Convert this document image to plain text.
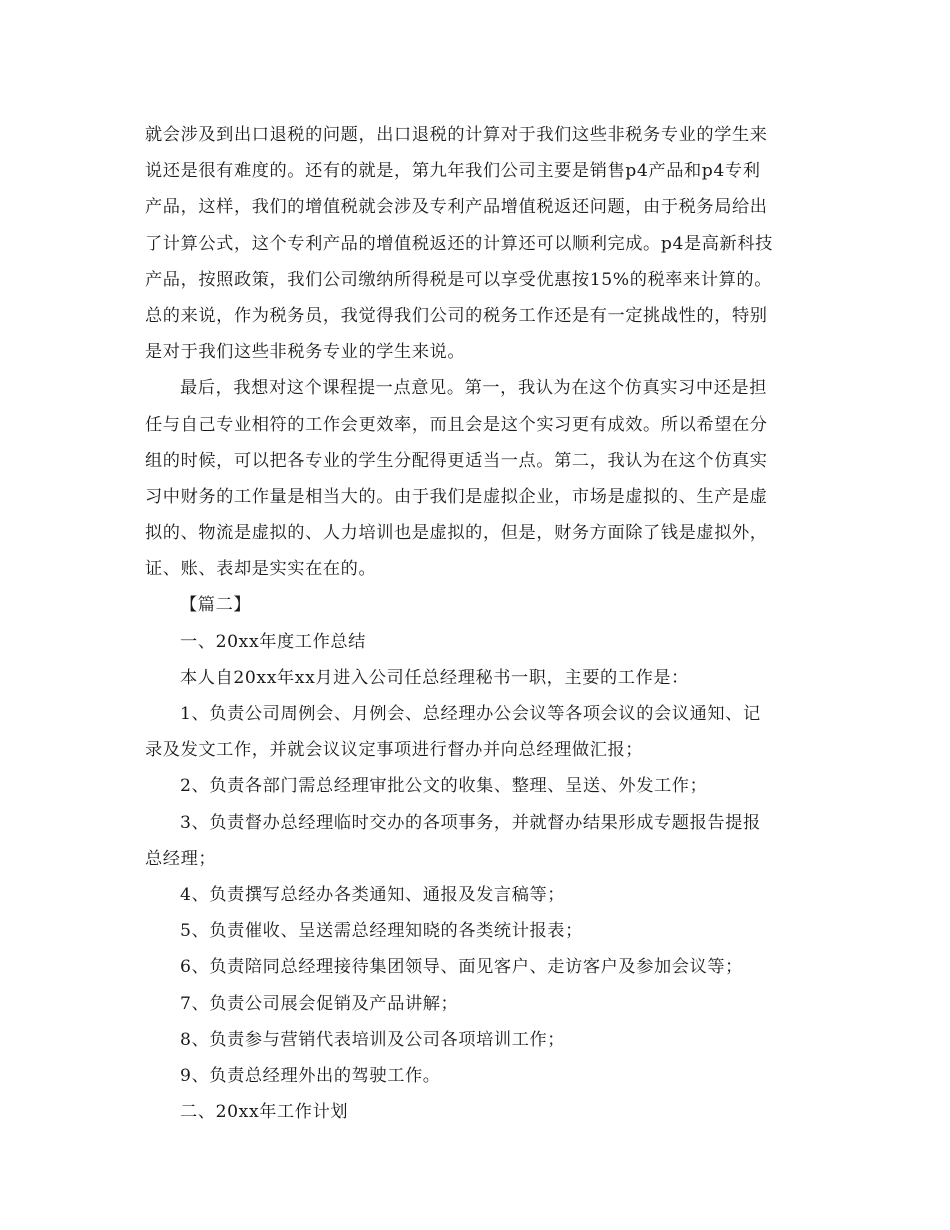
就会涉及到出口退税的问题，出口退税的计算对于我们这些非税务专业的学生来
说还是很有难度的。还有的就是，第九年我们公司主要是销售p4产品和p4专利
产品，这样，我们的增值税就会涉及专利产品增值税返还问题，由于税务局给出
了计算公式，这个专利产品的增值税返还的计算还可以顺利完成。p4是高新科技
产品，按照政策，我们公司缴纳所得税是可以享受优惠按15%的税率来计算的。
总的来说，作为税务员，我觉得我们公司的税务工作还是有一定挑战性的，特别
是对于我们这些非税务专业的学生来说。
最后，我想对这个课程提一点意见。第一，我认为在这个仿真实习中还是担
任与自己专业相符的工作会更效率，而且会是这个实习更有成效。所以希望在分
组的时候，可以把各专业的学生分配得更适当一点。第二，我认为在这个仿真实
习中财务的工作量是相当大的。由于我们是虚拟企业，市场是虚拟的、生产是虚
拟的、物流是虚拟的、人力培训也是虚拟的，但是，财务方面除了钱是虚拟外，
证、账、表却是实实在在的。
【篇二】
一、20xx年度工作总结
本人自20xx年xx月进入公司任总经理秘书一职，主要的工作是：
1、负责公司周例会、月例会、总经理办公会议等各项会议的会议通知、记
录及发文工作，并就会议议定事项进行督办并向总经理做汇报；
2、负责各部门需总经理审批公文的收集、整理、呈送、外发工作；
3、负责督办总经理临时交办的各项事务，并就督办结果形成专题报告提报
总经理；
4、负责撰写总经办各类通知、通报及发言稿等；
5、负责催收、呈送需总经理知晓的各类统计报表；
6、负责陪同总经理接待集团领导、面见客户、走访客户及参加会议等；
7、负责公司展会促销及产品讲解；
8、负责参与营销代表培训及公司各项培训工作；
9、负责总经理外出的驾驶工作。
二、20xx年工作计划
